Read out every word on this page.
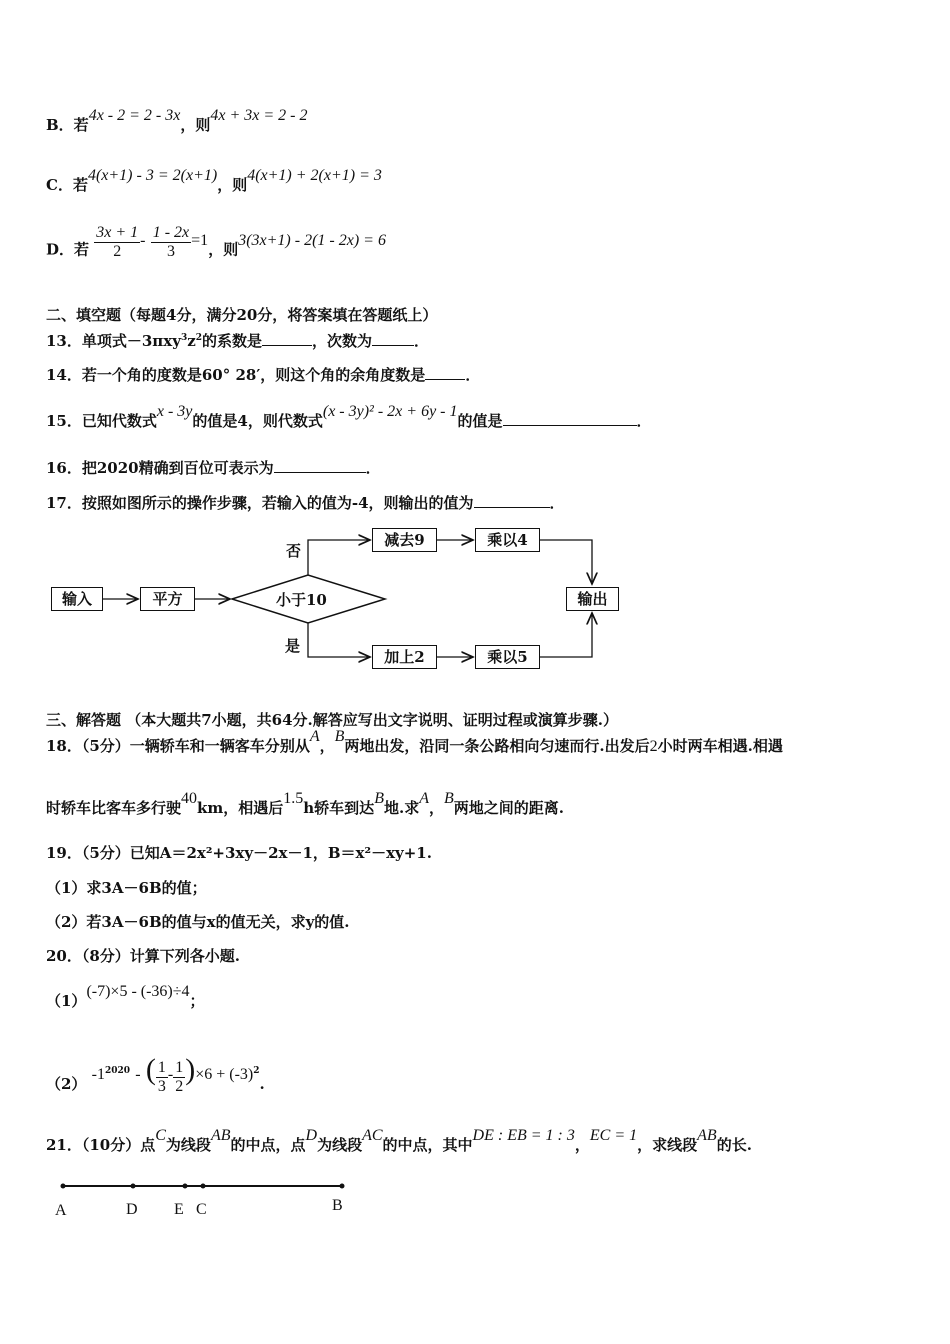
B．若4x - 2 = 2 - 3x，则4x + 3x = 2 - 2
C．若4(x+1) - 3 = 2(x+1)，则4(x+1) + 2(x+1) = 3
D．若 $\frac{3x + 1}{2} - \frac{1 - 2x}{3} =1$，则3(3x+1) - 2(1 - 2x) = 6
二、填空题（每题4分，满分20分，将答案填在答题纸上）
13．单项式$-3\pi xy^3z^2$的系数是	，次数为	．
14．若一个角的度数是60° 28′，则这个角的余角度数是	．
15．已知代数式x - 3y的值是4，则代数式(x - 3y)² - 2x + 6y - 1的值是	．
16．把2020精确到百位可表示为	．
17．按照如图所示的操作步骤，若输入的值为-4，则输出的值为	．
输入	平方	小于10
否
是
减去9	乘以4
加上2	乘以5
输出
三、解答题 （本大题共7小题，共64分.解答应写出文字说明、证明过程或演算步骤.）
18．（5分）一辆轿车和一辆客车分别从A，B两地出发，沿同一条公路相向匀速而行.出发后2小时两车相遇.相遇
时轿车比客车多行驶40km，相遇后1.5h轿车到达B地.求A，B两地之间的距离.
19．（5分）已知A＝2x²+3xy－2x－1，B＝x²－xy+1.
（1）求3A－6B的值；
（2）若3A－6B的值与x的值无关，求y的值.
20．（8分）计算下列各小题.
（1）(-7)×5 - (-36)÷4；
（2） $-1^{2020}$ - ( $\frac{1}{3} - \frac{1}{2} )\times 6 + (-3)^2$.
21．（10分）点C为线段AB的中点，点D为线段AC的中点，其中DE : EB = 1 : 3，EC = 1，求线段AB的长.
A	D E C	B
